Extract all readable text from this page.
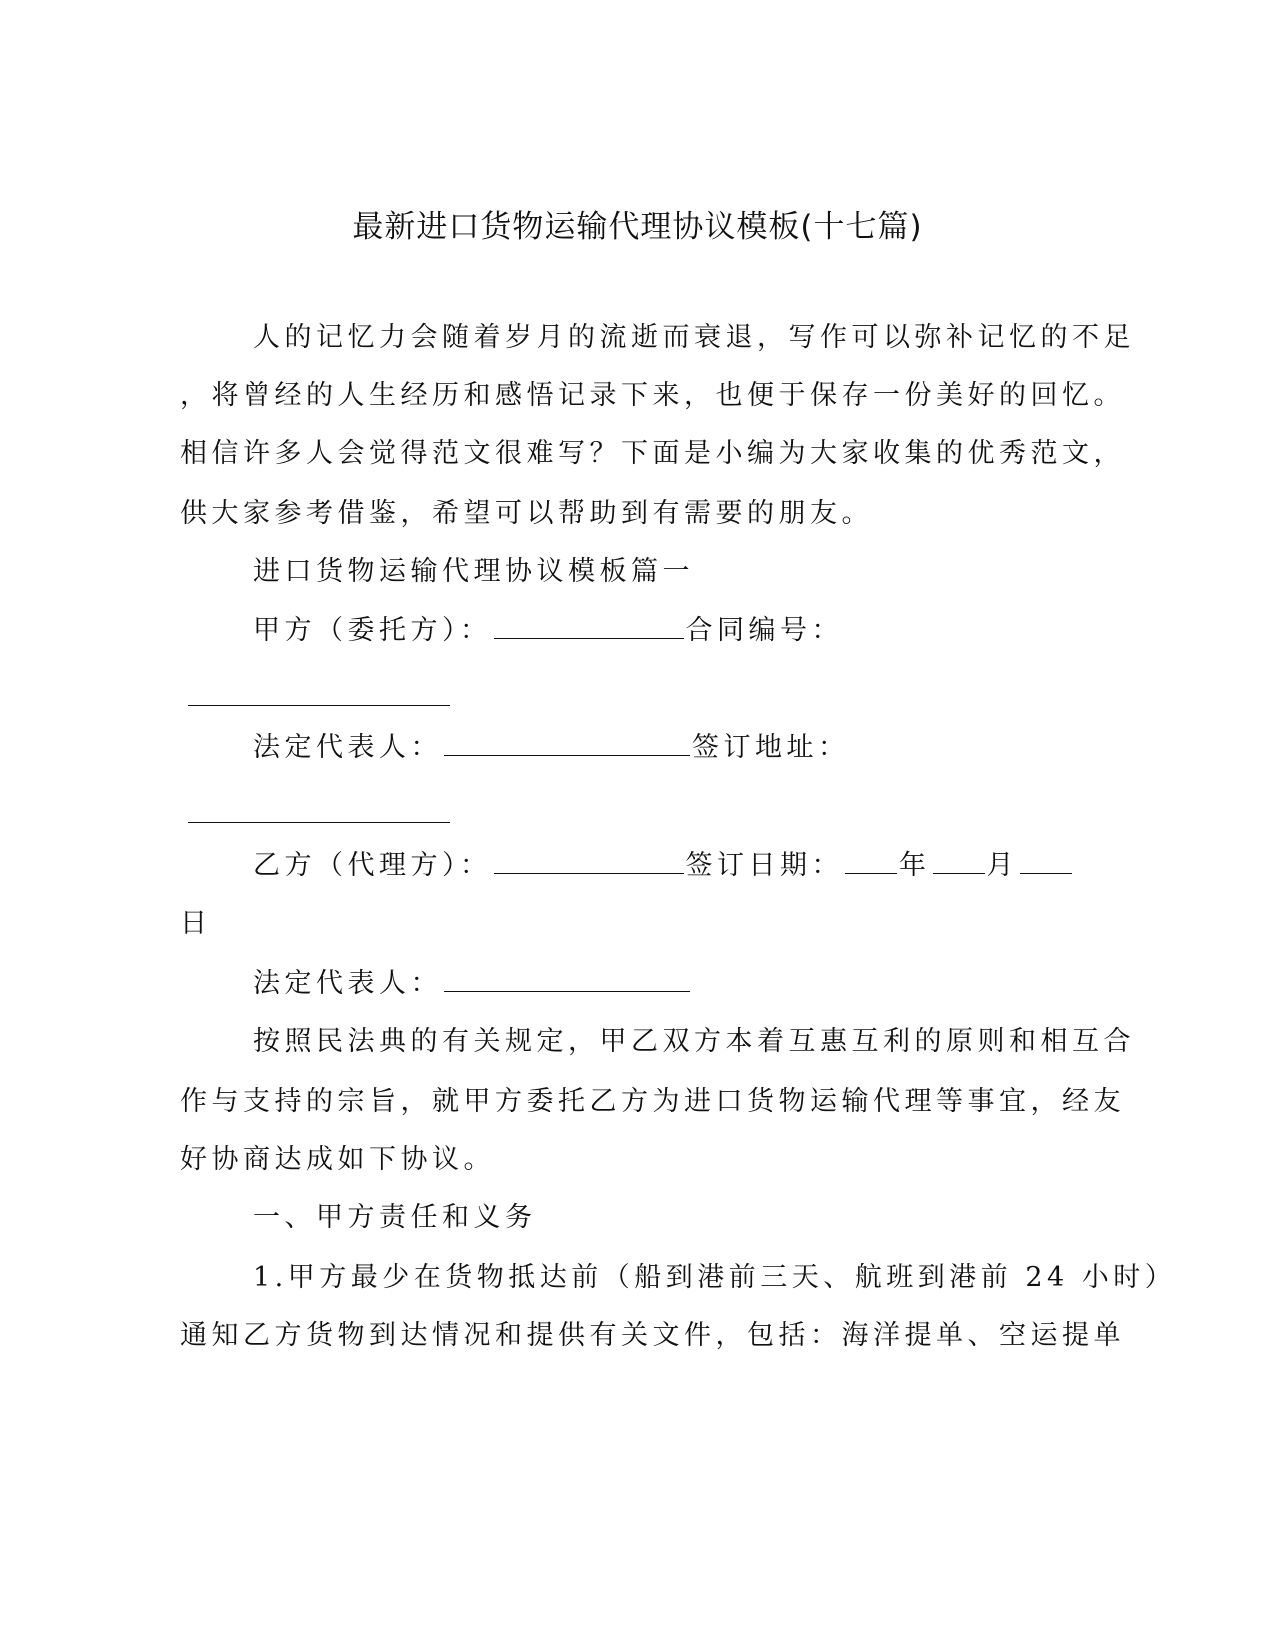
最新进口货物运输代理协议模板(十七篇)

人的记忆力会随着岁月的流逝而衰退，写作可以弥补记忆的不足

，将曾经的人生经历和感悟记录下来，也便于保存一份美好的回忆。

相信许多人会觉得范文很难写？下面是小编为大家收集的优秀范文，

供大家参考借鉴，希望可以帮助到有需要的朋友。

进口货物运输代理协议模板篇一

甲方（委托方）：	合同编号：

法定代表人：	签订地址：

乙方（代理方）：	签订日期： 年 月

日

法定代表人：

按照民法典的有关规定，甲乙双方本着互惠互利的原则和相互合

作与支持的宗旨，就甲方委托乙方为进口货物运输代理等事宜，经友

好协商达成如下协议。

一、甲方责任和义务

1.甲方最少在货物抵达前（船到港前三天、航班到港前 24 小时）

通知乙方货物到达情况和提供有关文件，包括：海洋提单、空运提单
